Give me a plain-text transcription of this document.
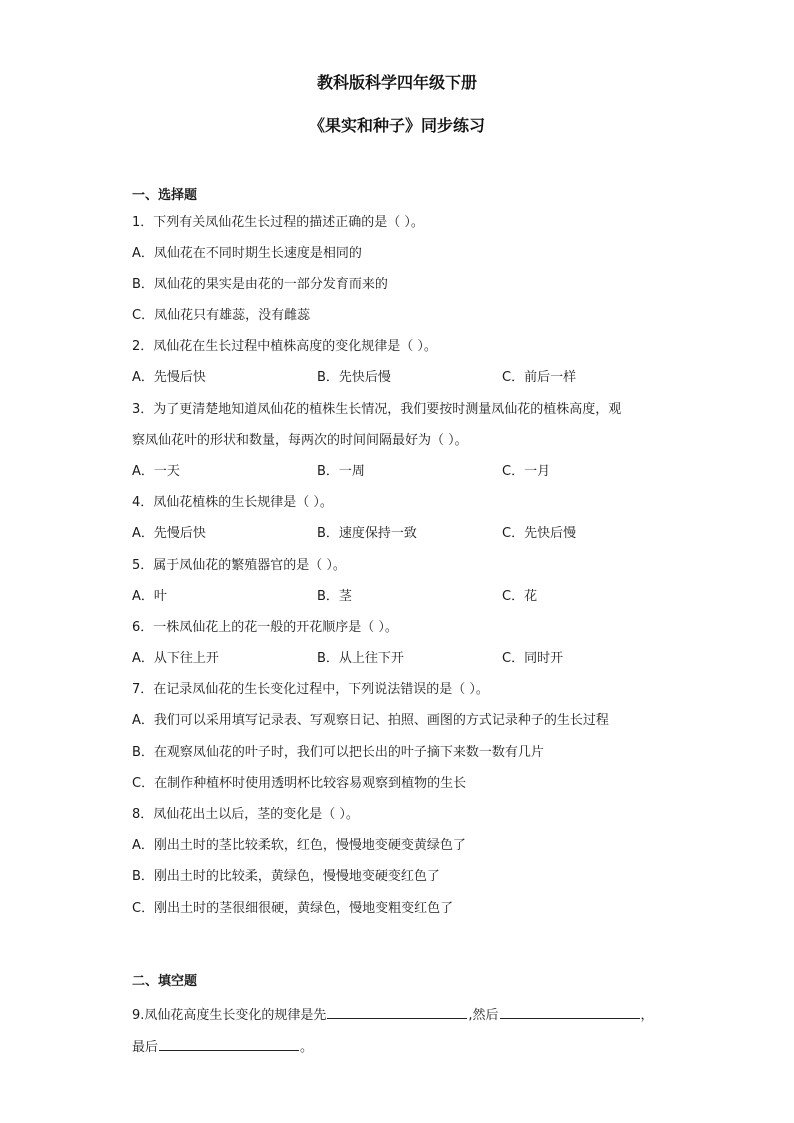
教科版科学四年级下册
《果实和种子》同步练习
一、选择题
1．下列有关凤仙花生长过程的描述正确的是（ ）。
A．凤仙花在不同时期生长速度是相同的
B．凤仙花的果实是由花的一部分发育而来的
C．凤仙花只有雄蕊，没有雌蕊
2．凤仙花在生长过程中植株高度的变化规律是（ ）。
A．先慢后快	B．先快后慢	C．前后一样
3．为了更清楚地知道凤仙花的植株生长情况，我们要按时测量凤仙花的植株高度，观
察凤仙花叶的形状和数量，每两次的时间间隔最好为（ ）。
A．一天	B．一周	C．一月
4．凤仙花植株的生长规律是（ ）。
A．先慢后快	B．速度保持一致	C．先快后慢
5．属于凤仙花的繁殖器官的是（ ）。
A．叶	B．茎	C．花
6．一株凤仙花上的花一般的开花顺序是（ ）。
A．从下往上开	B．从上往下开	C．同时开
7．在记录凤仙花的生长变化过程中，下列说法错误的是（ ）。
A．我们可以采用填写记录表、写观察日记、拍照、画图的方式记录种子的生长过程
B．在观察凤仙花的叶子时，我们可以把长出的叶子摘下来数一数有几片
C．在制作种植杯时使用透明杯比较容易观察到植物的生长
8．凤仙花出土以后，茎的变化是（ ）。
A．刚出土时的茎比较柔软，红色，慢慢地变硬变黄绿色了
B．刚出土时的比较柔，黄绿色，慢慢地变硬变红色了
C．刚出土时的茎很细很硬，黄绿色，慢地变粗变红色了
二、填空题
9.凤仙花高度生长变化的规律是先	,然后	，
最后	。
